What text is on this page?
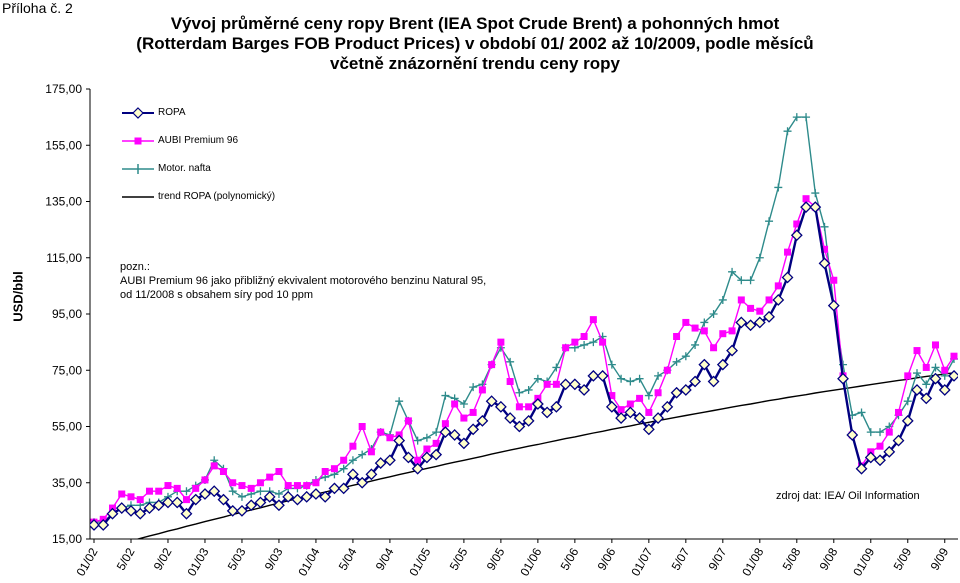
Příloha č. 2
Vývoj průměrné ceny ropy Brent (IEA Spot Crude Brent) a pohonných hmot
(Rotterdam Barges FOB Product Prices) v období 01/ 2002 až 10/2009, podle měsíců
včetně znázornění trendu ceny ropy
USD/bbl
175,00
155,00
135,00
115,00
95,00
75,00
55,00
35,00
15,00
01/02 5/02 9/02 01/03 5/03 9/03 01/04 5/04 9/04 01/05 5/05 9/05 01/06 5/06 9/06 01/07 5/07 9/07 01/08 5/08 9/08 01/09 5/09 9/09
ROPA
AUBI Premium 96
Motor. nafta
trend ROPA (polynomický)
pozn.:
AUBI Premium 96 jako přibližný ekvivalent motorového benzinu Natural 95,
od 11/2008 s obsahem síry pod 10 ppm
zdroj dat: IEA/ Oil Information
